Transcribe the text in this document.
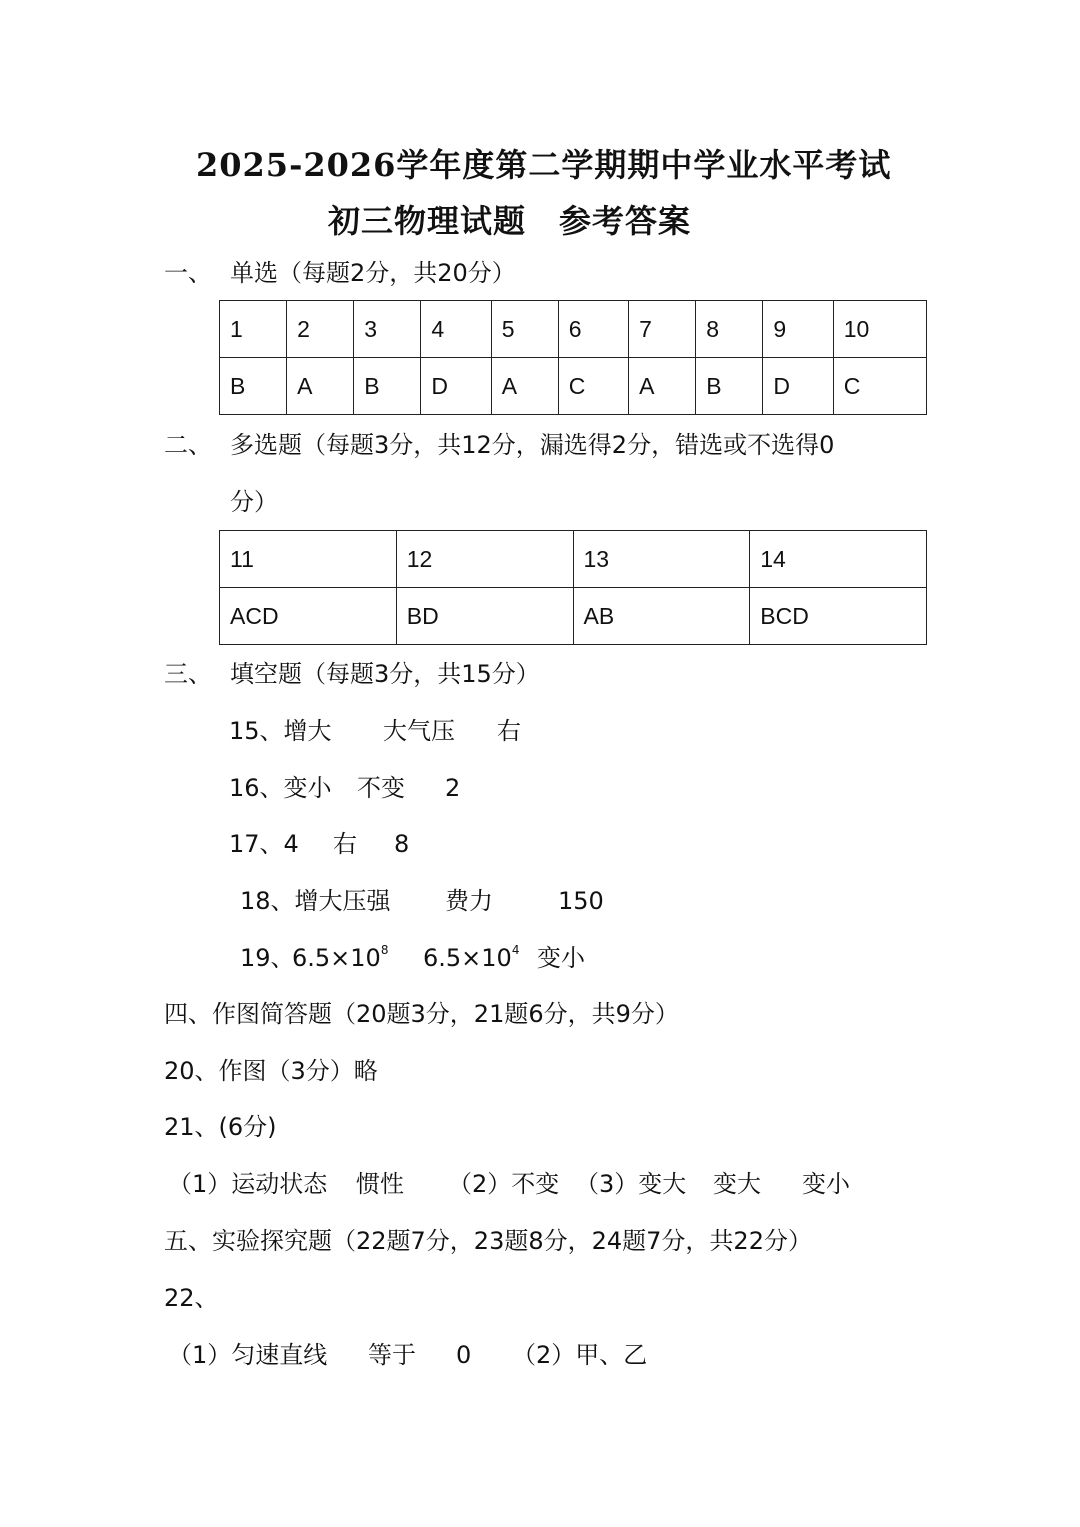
2025-2026学年度第二学期期中学业水平考试
初三物理试题　参考答案
一、 单选（每题2分，共20分）
1	2	3	4	5	6	7	8	9	10
B	A	B	D	A	C	A	B	D	C
二、 多选题（每题3分，共12分，漏选得2分，错选或不选得0
分）
11	12	13	14
ACD	BD	AB	BCD
三、 填空题（每题3分，共15分）
15、增大 大气压 右
16、变小 不变 2
17、4 右 8
18、增大压强 费力	150
19、
$6.5\times 10^8$ $6.5\times 10^4$ 变小
四、作图简答题（20题3分，21题6分，共9分）
20、作图（3分）略
21、(6分)
（1）运动状态 惯性 （2）不变 （3）变大 变大 变小
五、实验探究题（22题7分，23题8分，24题7分，共22分）
22、
（1）匀速直线 等于 0 （2）甲、乙
